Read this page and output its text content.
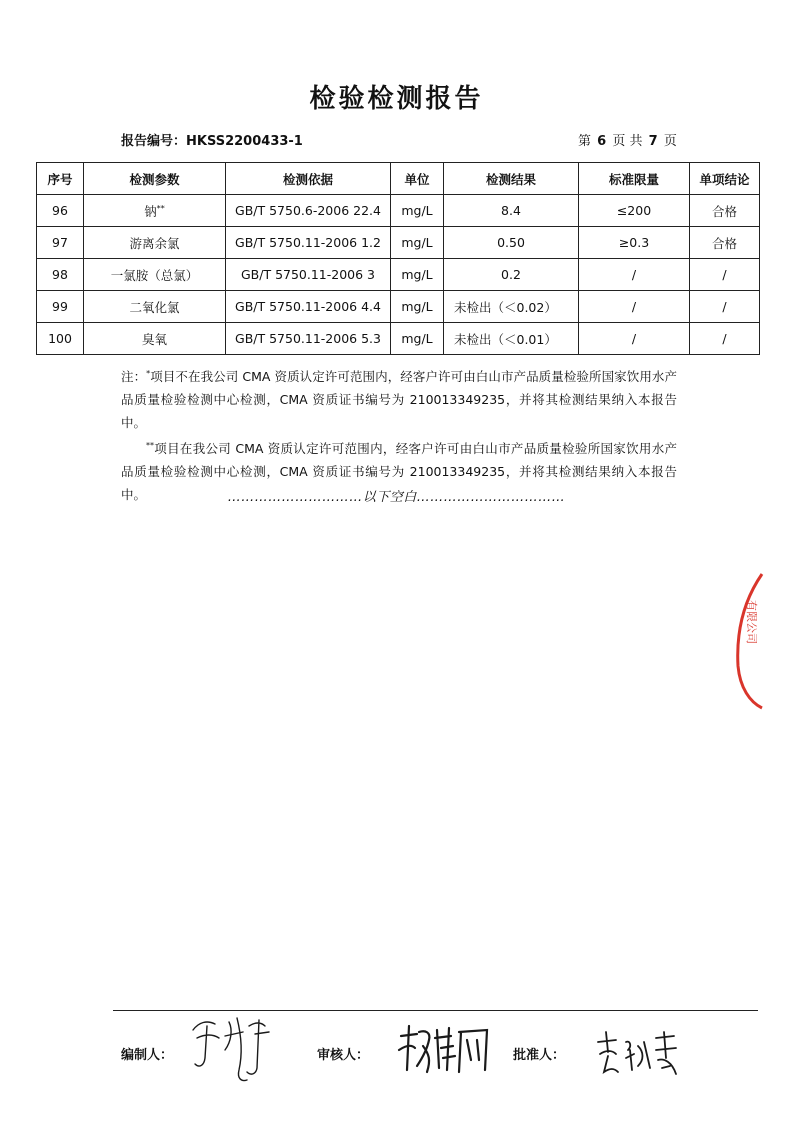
检验检测报告
报告编号：HKSS2200433-1	第 6 页 共 7 页
序号	检测参数	检测依据	单位	检测结果	标准限量	单项结论
96	钠**	GB/T 5750.6-2006 22.4	mg/L	8.4	≤200	合格
97	游离余氯	GB/T 5750.11-2006 1.2	mg/L	0.50	≥0.3	合格
98	一氯胺（总氯）	GB/T 5750.11-2006 3	mg/L	0.2	/	/
99	二氧化氯	GB/T 5750.11-2006 4.4	mg/L	未检出（＜0.02）	/	/
100	臭氧	GB/T 5750.11-2006 5.3	mg/L	未检出（＜0.01）	/	/

注：*项目不在我公司 CMA 资质认定许可范围内，经客户许可由白山市产品质量检验所国家饮用水产品质量检验检测中心检测，CMA 资质证书编号为 210013349235，并将其检测结果纳入本报告中。

**项目在我公司 CMA 资质认定许可范围内，经客户许可由白山市产品质量检验所国家饮用水产品质量检验检测中心检测，CMA 资质证书编号为 210013349235，并将其检测结果纳入本报告中。	…………………………以下空白……………………………
有限公司
编制人：	审核人：	批准人：
